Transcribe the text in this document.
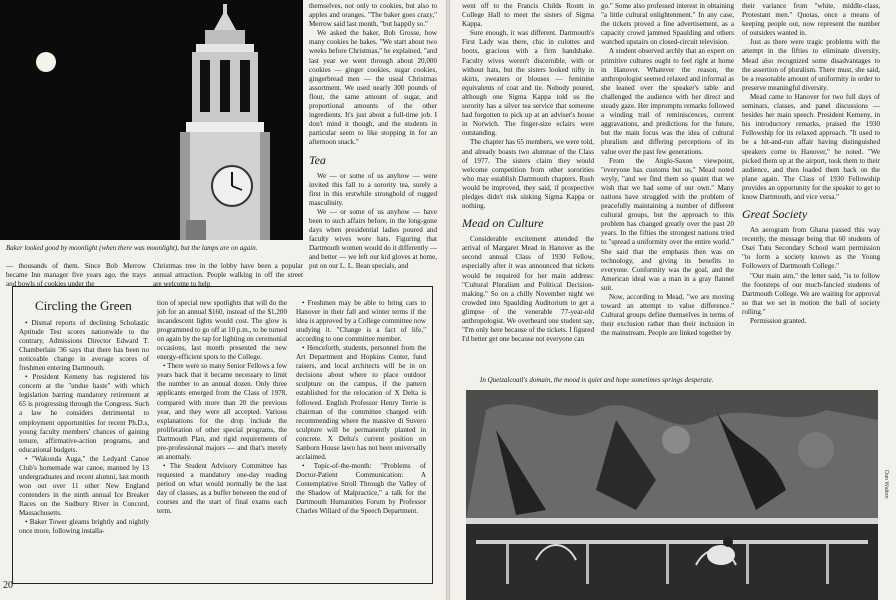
Baker looked good by moonlight (when there was moonlight), but the lamps are on again.

themselves, not only to cookies, but also to apples and oranges. "The baker goes crazy," Merrow said last month, "but happily so."

We asked the baker, Bob Grosse, how many cookies he bakes. "We start about two weeks before Christmas," he explained, "and last year we went through about 20,000 cookies — ginger cookies, sugar cookies, gingerbread men — the usual Christmas assortment. We used nearly 300 pounds of flour, the same amount of sugar, and proportional amounts of the other ingredients. It's just about a full-time job. I don't mind it though, and the students in particular seem to like stopping in for an afternoon snack."

Tea

We — or some of us anyhow — were invited this fall to a sorority tea, surely a first in this erstwhile stronghold of rugged masculinity.

We — or some of us anyhow — have been to such affairs before, in the long-gone days when presidential ladies poured and faculty wives wore hats. Figuring that Dartmouth women would do it differently — and better — we left our kid gloves at home, put on our L. L. Bean specials, and

— thousands of them. Since Bob Merrow became Inn manager five years ago, the trays and bowls of cookies under the

Christmas tree in the lobby have been a popular annual attraction. People walking in off the street are welcome to help

Circling the Green

• Dismal reports of declining Scholastic Aptitude Test scores nationwide to the contrary, Admissions Director Edward T. Chamberlain '36 says that there has been no noticeable change in average scores of freshmen entering Dartmouth.

• President Kemeny has registered his concern at the "undue haste" with which legislation barring mandatory retirement at 65 is progressing through the Congress. Such a law he considers detrimental to employment opportunities for recent Ph.D.s, young faculty members' chances of gaining tenure, affirmative-action programs, and educational budgets.

• "Wakonda Auga," the Ledyard Canoe Club's homemade war canoe, manned by 13 undergraduates and recent alumni, last month won out over 11 other New England contenders in the ninth annual Ice Breaker Races on the Sudbury River in Concord, Massachusetts.

• Baker Tower gleams brightly and nightly once more, following installa-

tion of special new spotlights that will do the job for an annual $160, instead of the $1,200 incandescent lights would cost. The glow is programmed to go off at 10 p.m., to be turned on again by the tap for lighting on ceremonial occasions, last month presented the new energy-efficient spots to the College.

• There were so many Senior Fellows a few years back that it became necessary to limit the number to an annual dozen. Only three applicants emerged from the Class of 1978, compared with more than 20 the previous year, and they were all accepted. Various explanations for the drop include the proliferation of other special programs, the Dartmouth Plan, and rigid requirements of pre-professional majors — and that's merely an anomaly.

• The Student Advisory Committee has requested a mandatory one-day reading period on what would normally be the last day of classes, as a buffer between the end of courses and the start of final exams each term.

• Freshmen may be able to bring cars to Hanover in their fall and winter terms if the idea is approved by a College committee now studying it. "Change is a fact of life," according to one committee member.

• Henceforth, students, personnel from the Art Department and Hopkins Center, fund raisers, and local architects will be in on decisions about where to place outdoor sculpture on the campus, if the pattern established for the relocation of X Delta is followed. English Professor Henry Terrie is chairman of the committee charged with recommending where the massive di Suvero sculpture will be permanently planted in concrete. X Delta's current position on Sanborn House lawn has not been universally acclaimed.

• Topic-of-the-month: "Problems of Doctor-Patient Communication: A Contemplative Stroll Through the Valley of the Shadow of Malpractice," a talk for the Dartmouth Humanities Forum by Professor Charles Willard of the Speech Department.

20

went off to the Francis Childs Room in College Hall to meet the sisters of Sigma Kappa.

Sure enough, it was different. Dartmouth's First Lady was there, chic in culottes and boots, gracious with a firm handshake. Faculty wives weren't discernible, with or without hats, but the sisters looked nifty in skirts, sweaters or blouses — feminine equivalents of coat and tie. Nobody poured, although one Sigma Kappa told us the sorority has a silver tea service that someone had forgotten to pick up at an adviser's house in Norwich. The finger-size eclairs were outstanding.

The chapter has 65 members, we were told, and already boasts two alumnae of the Class of 1977. The sisters claim they would welcome competition from other sororities who may establish Dartmouth chapters. Rush would be improved, they said, if prospective pledges didn't risk sinking Sigma Kappa or nothing.

Mead on Culture

Considerable excitement attended the arrival of Margaret Mead in Hanover as the second annual Class of 1930 Fellow, especially after it was announced that tickets would be required for her main address: "Cultural Pluralism and Political Decision-making." So on a chilly November night we crowded into Spaulding Auditorium to get a glimpse of the venerable 77-year-old anthropologist. We overheard one student say, "I'm only here because of the tickets. I figured I'd better get one because not everyone can

go." Some also professed interest in obtaining "a little cultural enlightenment." In any case, the tickets proved a fine advertisement, as a capacity crowd jammed Spaulding and others watched upstairs on closed-circuit television.

A student observed archly that an expert on primitive cultures ought to feel right at home in Hanover. Whatever the reason, the anthropologist seemed relaxed and informal as she leaned over the speaker's table and challenged the audience with her direct and steady gaze. Her impromptu remarks followed a winding trail of reminiscences, current aggravations, and predictions for the future, but the main focus was the idea of cultural pluralism and differing perceptions of its value over the past few generations.

From the Anglo-Saxon viewpoint, "everyone has customs but us," Mead noted wryly, "and we find them so quaint that we wish that we had some of our own." Many nations have struggled with the problem of peacefully maintaining a number of different cultural groups, but the approach to this problem has changed greatly over the past 20 years. In the fifties the strongest nations tried to "spread a uniformity over the entire world." She said that the emphasis then was on technology, and giving its benefits to everyone. Conformity was the goal, and the American ideal was a man in a gray flannel suit.

Now, according to Mead, "we are moving toward an attempt to value difference." Cultural groups define themselves in terms of their exclusion rather than their inclusion in the mainstream. People are linked together by

their variance from "white, middle-class, Protestant men." Quotas, once a means of keeping people out, now represent the number of outsiders wanted in.

Just as there were tragic problems with the attempt in the fifties to eliminate diversity, Mead also recognized some disadvantages to the assertion of pluralism. There must, she said, be a reasonable amount of uniformity in order to preserve meaningful diversity.

Mead came to Hanover for two full days of seminars, classes, and panel discussions — besides her main speech. President Kemeny, in his introductory remarks, praised the 1930 Fellowship for its relaxed approach. "It used to be a hit-and-run affair having distinguished speakers come to Hanover," he noted. "We picked them up at the airport, took them to their audience, and then loaded them back on the plane again. The Class of 1930 Fellowship provides an opportunity for the speaker to get to know Dartmouth, and vice versa."

Great Society

An aerogram from Ghana passed this way recently, the message being that 60 students of Osei Tutu Secondary School want permission "to form a society known as the Young Followers of Dartmouth College."

"Our main aim," the letter said, "is to follow the footsteps of our much-fancied students of Dartmouth College. We are waiting for approval so that we set in motion the ball of society rolling."

Permission granted.

In Quetzalcoatl's domain, the mood is quiet and hope sometimes springs desperate.
Dan Walton
